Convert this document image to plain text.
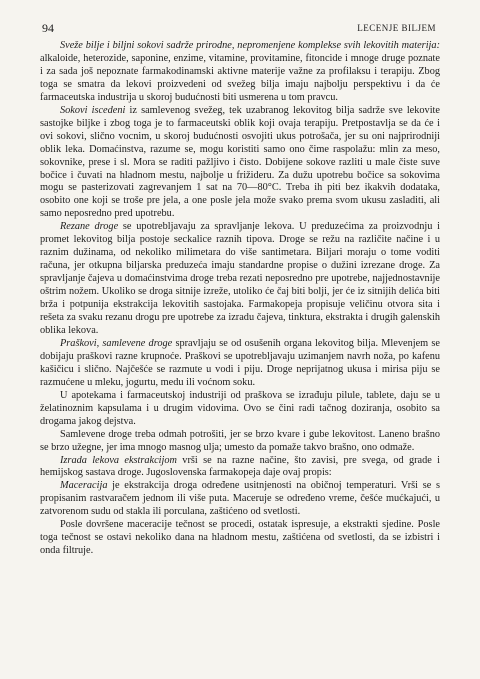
94	LECENJE BILJEM

Sveže bilje i biljni sokovi sadrže prirodne, nepromenjene komplekse svih lekovitih materija: alkaloide, heterozide, saponine, enzime, vitamine, provitamine, fitoncide i mnoge druge poznate i za sada još nepoznate farmakodinamski aktivne materije važne za profilaksu i terapiju. Zbog toga se smatra da lekovi proizvedeni od svežeg bilja imaju najbolju perspektivu i da će farmaceutska industrija u skoroj budućnosti biti usmerena u tom pravcu.

Sokovi iscedeni iz samlevenog svežeg, tek uzabranog lekovitog bilja sadrže sve lekovite sastojke biljke i zbog toga je to farmaceutski oblik koji ovaja terapiju. Pretpostavlja se da će i ovi sokovi, slično vocnim, u skoroj budućnosti osvojiti ukus potrošača, jer su oni najprirodniji oblik leka. Domaćinstva, razume se, mogu koristiti samo ono čime raspolažu: mlin za meso, sokovnike, prese i sl. Mora se raditi pažljivo i čisto. Dobijene sokove razliti u male čiste suve bočice i čuvati na hladnom mestu, najbolje u frižideru. Za dužu upotrebu bočice sa sokovima mogu se pasterizovati zagrevanjem 1 sat na 70—80°C. Treba ih piti bez ikakvih dodataka, osobito one koji se troše pre jela, a one posle jela može svako prema svom ukusu zasladiti, ali samo neposredno pred upotrebu.

Rezane droge se upotrebljavaju za spravljanje lekova. U preduzećima za proizvodnju i promet lekovitog bilja postoje seckalice raznih tipova. Droge se režu na različite načine i u raznim dužinama, od nekoliko milimetara do više santimetara. Biljari moraju o tome voditi računa, jer otkupna biljarska preduzeća imaju standardne propise o dužini izrezane droge. Za spravljanje čajeva u domaćinstvima droge treba rezati neposredno pre upotrebe, najjednostavnije oštrim nožem. Ukoliko se droga sitnije izreže, utoliko će čaj biti bolji, jer će iz sitnijih delića biti brža i potpunija ekstrakcija lekovitih sastojaka. Farmakopeja propisuje veličinu otvora sita i rešeta za svaku rezanu drogu pre upotrebe za izradu čajeva, tinktura, ekstrakta i drugih galenskih oblika lekova.

Praškovi, samlevene droge spravljaju se od osušenih organa lekovitog bilja. Mlevenjem se dobijaju praškovi razne krupnoće. Praškovi se upotrebljavaju uzimanjem navrh noža, po kafenu kašičicu i slično. Najčešće se razmute u vodi i piju. Droge neprijatnog ukusa i mirisa piju se razmućene u mleku, jogurtu, medu ili voćnom soku.

U apotekama i farmaceutskoj industriji od praškova se izrađuju pilule, tablete, daju se u želatinoznim kapsulama i u drugim vidovima. Ovo se čini radi tačnog doziranja, osobito sa drogama jakog dejstva.

Samlevene droge treba odmah potrošiti, jer se brzo kvare i gube lekovitost. Laneno brašno se brzo užegne, jer ima mnogo masnog ulja; umesto da pomaže takvo brašno, ono odmaže.

Izrada lekova ekstrakcijom vrši se na razne načine, što zavisi, pre svega, od grade i hemijskog sastava droge. Jugoslovenska farmakopeja daje ovaj propis:

Maceracija je ekstrakcija droga određene usitnjenosti na običnoj temperaturi. Vrši se s propisanim rastvaračem jednom ili više puta. Maceruje se određeno vreme, češće mućkajući, u zatvorenom sudu od stakla ili porculana, zaštićeno od svetlosti.

Posle dovršene maceracije tečnost se procedi, ostatak ispresuje, a ekstrakti sjedine. Posle toga tečnost se ostavi nekoliko dana na hladnom mestu, zaštićena od svetlosti, da se izbistri i onda filtruje.
